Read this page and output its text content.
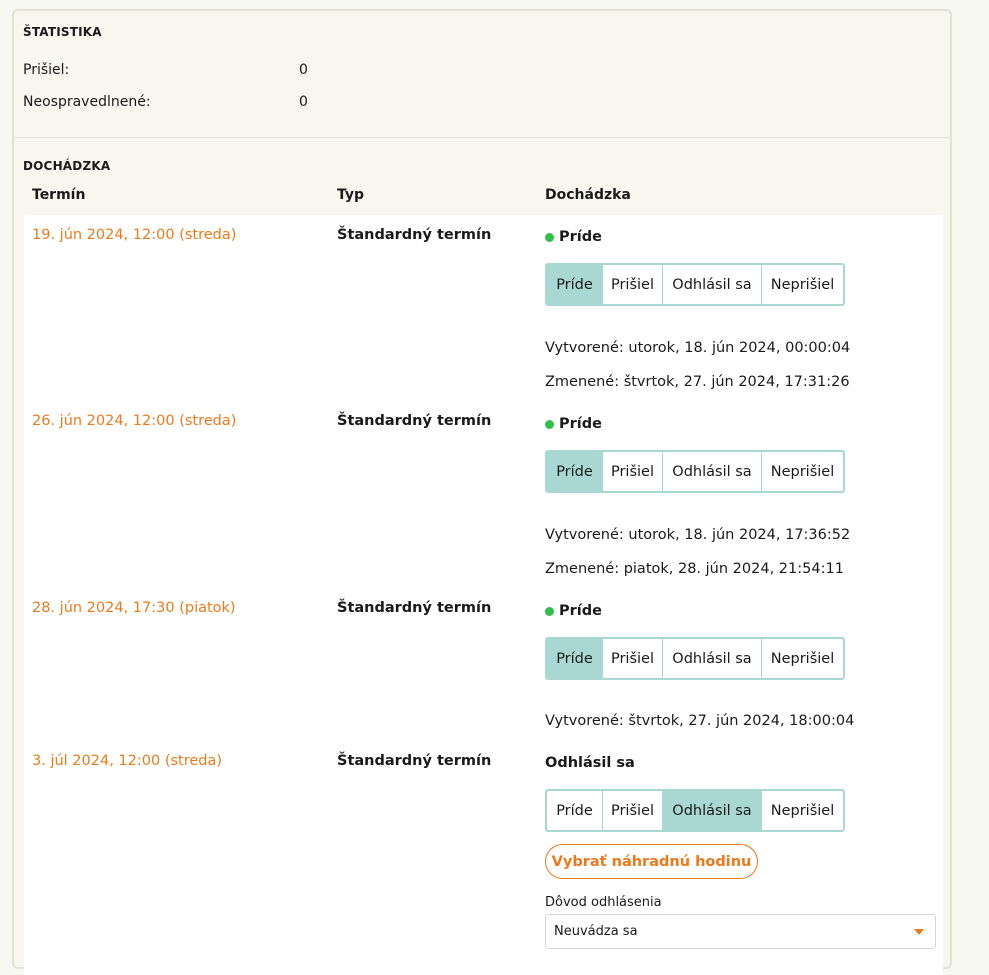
ŠTATISTIKA
Prišiel:	0
Neospravedlnené:	0
DOCHÁDZKA
Termín	Typ	Dochádzka
19. jún 2024, 12:00 (streda)	Štandardný termín	Príde
Príde	Prišiel	Odhlásil sa	Neprišiel
Vytvorené: utorok, 18. jún 2024, 00:00:04
Zmenené: štvrtok, 27. jún 2024, 17:31:26
26. jún 2024, 12:00 (streda)	Štandardný termín	Príde
Príde	Prišiel	Odhlásil sa	Neprišiel
Vytvorené: utorok, 18. jún 2024, 17:36:52
Zmenené: piatok, 28. jún 2024, 21:54:11
28. jún 2024, 17:30 (piatok)	Štandardný termín	Príde
Príde	Prišiel	Odhlásil sa	Neprišiel
Vytvorené: štvrtok, 27. jún 2024, 18:00:04
3. júl 2024, 12:00 (streda)	Štandardný termín	Odhlásil sa
Príde	Prišiel	Odhlásil sa	Neprišiel
Vybrať náhradnú hodinu
Dôvod odhlásenia
Neuvádza sa
